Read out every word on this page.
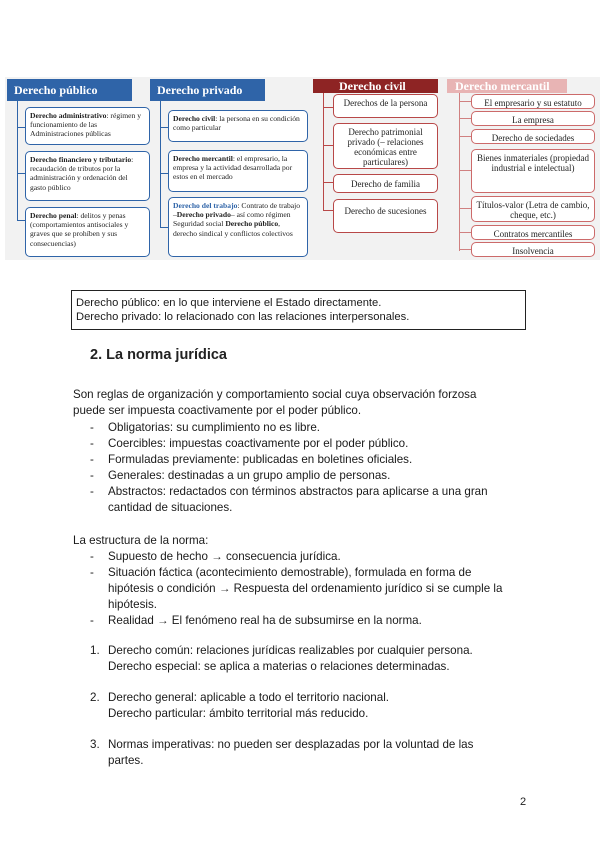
Derecho público
Derecho administrativo: régimen y funcionamiento de las Administraciones públicas
Derecho financiero y tributario: recaudación de tributos por la administración y ordenación del gasto público
Derecho penal: delitos y penas (comportamientos antisociales y graves que se prohíben y sus consecuencias)
Derecho privado
Derecho civil: la persona en su condición como particular
Derecho mercantil: el empresario, la empresa y la actividad desarrollada por estos en el mercado
Derecho del trabajo: Contrato de trabajo –Derecho privado– así como régimen Seguridad social Derecho público, derecho sindical y conflictos colectivos
Derecho civil
Derechos de la persona
Derecho patrimonial privado (– relaciones económicas entre particulares)
Derecho de familia
Derecho de sucesiones
Derecho mercantil
El empresario y su estatuto
La empresa
Derecho de sociedades
Bienes inmateriales (propiedad industrial e intelectual)
Títulos-valor (Letra de cambio, cheque, etc.)
Contratos mercantiles
Insolvencia
Derecho público: en lo que interviene el Estado directamente.
Derecho privado: lo relacionado con las relaciones interpersonales.
2. La norma jurídica

Son reglas de organización y comportamiento social cuya observación forzosa

puede ser impuesta coactivamente por el poder público.

- Obligatorias: su cumplimiento no es libre.
- Coercibles: impuestas coactivamente por el poder público.
- Formuladas previamente: publicadas en boletines oficiales.
- Generales: destinadas a un grupo amplio de personas.
- Abstractos: redactados con términos abstractos para aplicarse a una gran
cantidad de situaciones.

La estructura de la norma:

- Supuesto de hecho → consecuencia jurídica.
- Situación fáctica (acontecimiento demostrable), formulada en forma de
hipótesis o condición → Respuesta del ordenamiento jurídico si se cumple la
hipótesis.
- Realidad → El fenómeno real ha de subsumirse en la norma.
1. Derecho común: relaciones jurídicas realizables por cualquier persona.
Derecho especial: se aplica a materias o relaciones determinadas.
2. Derecho general: aplicable a todo el territorio nacional.
Derecho particular: ámbito territorial más reducido.
3. Normas imperativas: no pueden ser desplazadas por la voluntad de las
partes.
2
